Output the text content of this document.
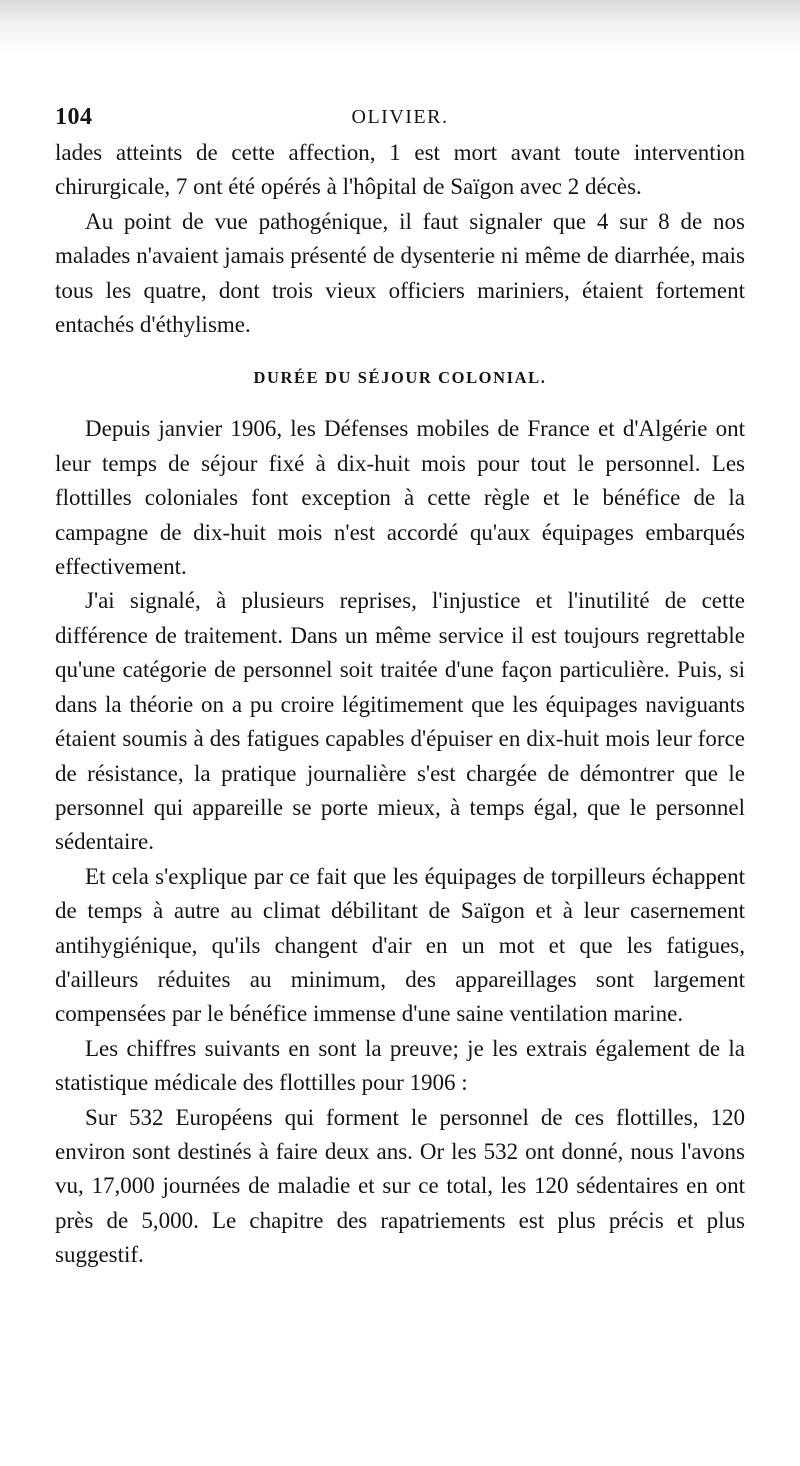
104	OLIVIER.

lades atteints de cette affection, 1 est mort avant toute intervention chirurgicale, 7 ont été opérés à l'hôpital de Saïgon avec 2 décès.

Au point de vue pathogénique, il faut signaler que 4 sur 8 de nos malades n'avaient jamais présenté de dysenterie ni même de diarrhée, mais tous les quatre, dont trois vieux officiers mariniers, étaient fortement entachés d'éthylisme.

DURÉE DU SÉJOUR COLONIAL.

Depuis janvier 1906, les Défenses mobiles de France et d'Algérie ont leur temps de séjour fixé à dix-huit mois pour tout le personnel. Les flottilles coloniales font exception à cette règle et le bénéfice de la campagne de dix-huit mois n'est accordé qu'aux équipages embarqués effectivement.

J'ai signalé, à plusieurs reprises, l'injustice et l'inutilité de cette différence de traitement. Dans un même service il est toujours regrettable qu'une catégorie de personnel soit traitée d'une façon particulière. Puis, si dans la théorie on a pu croire légitimement que les équipages naviguants étaient soumis à des fatigues capables d'épuiser en dix-huit mois leur force de résistance, la pratique journalière s'est chargée de démontrer que le personnel qui appareille se porte mieux, à temps égal, que le personnel sédentaire.

Et cela s'explique par ce fait que les équipages de torpilleurs échappent de temps à autre au climat débilitant de Saïgon et à leur casernement antihygiénique, qu'ils changent d'air en un mot et que les fatigues, d'ailleurs réduites au minimum, des appareillages sont largement compensées par le bénéfice immense d'une saine ventilation marine.

Les chiffres suivants en sont la preuve; je les extrais également de la statistique médicale des flottilles pour 1906 :

Sur 532 Européens qui forment le personnel de ces flottilles, 120 environ sont destinés à faire deux ans. Or les 532 ont donné, nous l'avons vu, 17,000 journées de maladie et sur ce total, les 120 sédentaires en ont près de 5,000. Le chapitre des rapatriements est plus précis et plus suggestif.
